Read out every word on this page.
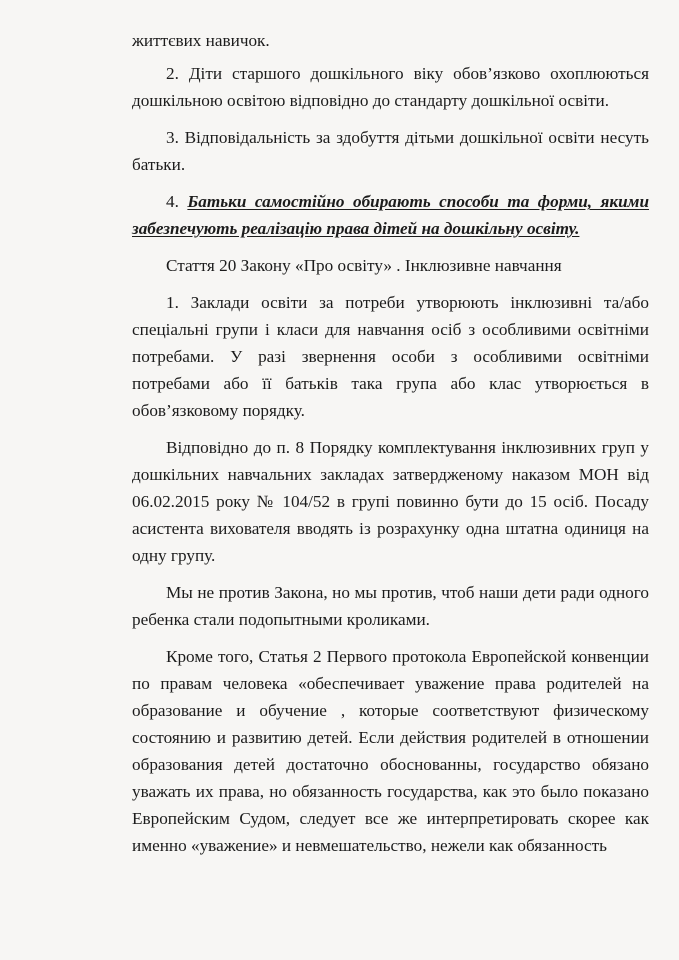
життєвих навичок.

2. Діти старшого дошкільного віку обов’язково охоплюються дошкільною освітою відповідно до стандарту дошкільної освіти.

3. Відповідальність за здобуття дітьми дошкільної освіти несуть батьки.

4. Батьки самостійно обирають способи та форми, якими забезпечують реалізацію права дітей на дошкільну освіту.

Стаття 20 Закону «Про освіту» . Інклюзивне навчання

1. Заклади освіти за потреби утворюють інклюзивні та/або спеціальні групи і класи для навчання осіб з особливими освітніми потребами. У разі звернення особи з особливими освітніми потребами або її батьків така група або клас утворюється в обов’язковому порядку.

Відповідно до п. 8 Порядку комплектування інклюзивних груп у дошкільних навчальних закладах затвердженому наказом МОН від 06.02.2015 року № 104/52 в групі повинно бути до 15 осіб. Посаду асистента вихователя вводять із розрахунку одна штатна одиниця на одну групу.

Мы не против Закона, но мы против, чтоб наши дети ради одного ребенка стали подопытными кроликами.

Кроме того, Статья 2 Первого протокола Европейской конвенции по правам человека «обеспечивает уважение права родителей на образование и обучение , которые соответствуют физическому состоянию и развитию детей. Если действия родителей в отношении образования детей достаточно обоснованны, государство обязано уважать их права, но обязанность государства, как это было показано Европейским Судом, следует все же интерпретировать скорее как именно «уважение» и невмешательство, нежели как обязанность
